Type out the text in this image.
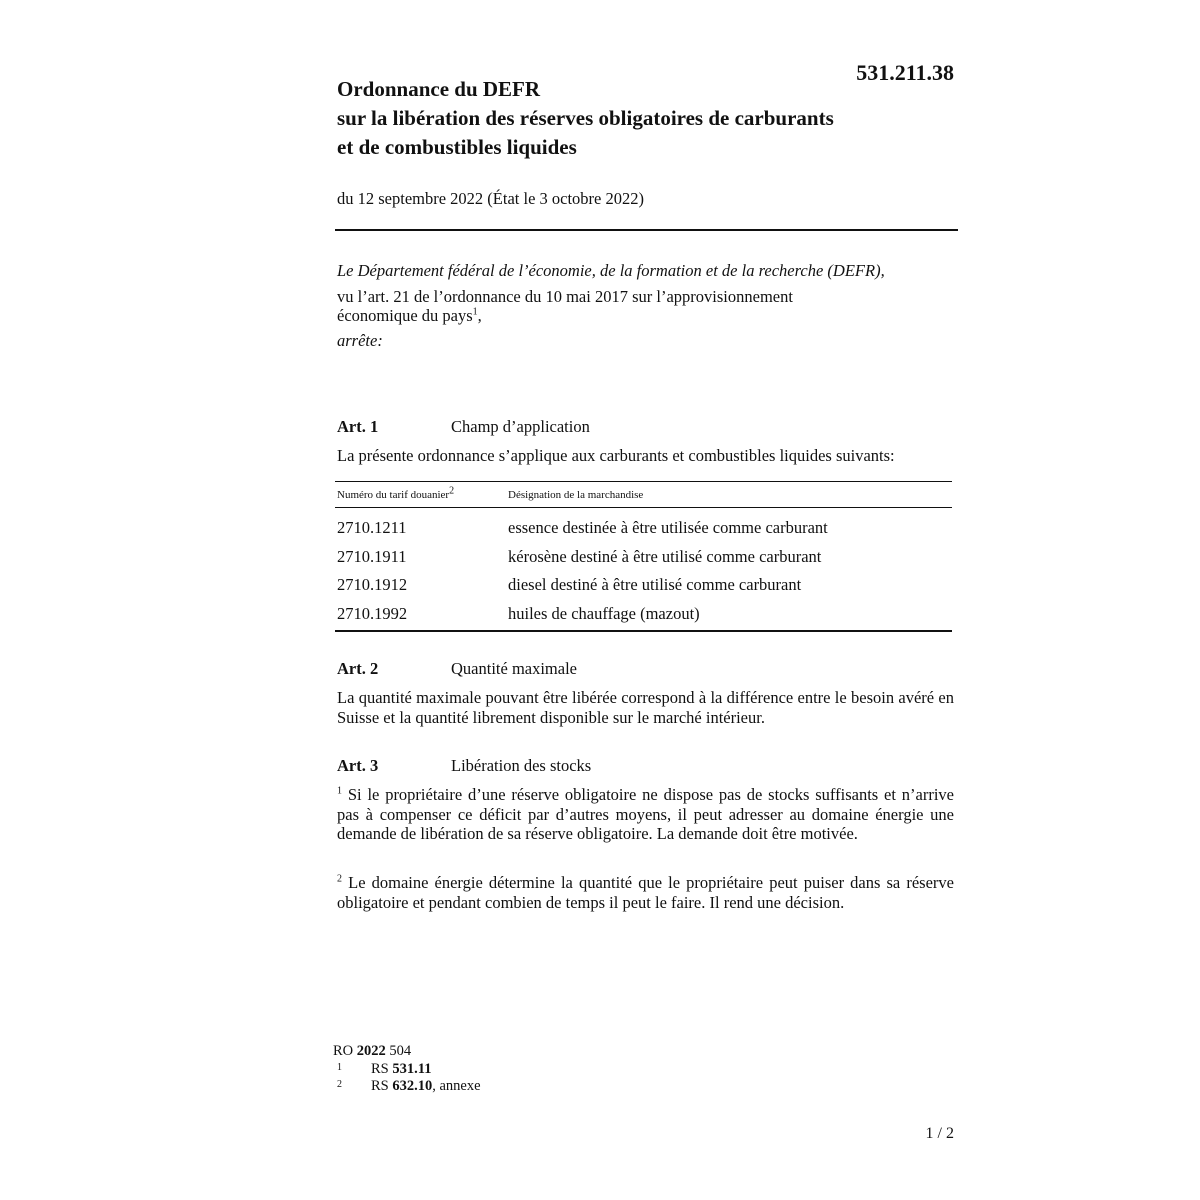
531.211.38
Ordonnance du DEFR
sur la libération des réserves obligatoires de carburants
et de combustibles liquides
du 12 septembre 2022 (État le 3 octobre 2022)
Le Département fédéral de l’économie, de la formation et de la recherche (DEFR),
vu l’art. 21 de l’ordonnance du 10 mai 2017 sur l’approvisionnement
économique du pays$^1$,
arrête:
Art. 1	Champ d’application
La présente ordonnance s’applique aux carburants et combustibles liquides suivants:
Numéro du tarif douanier$^2$	Désignation de la marchandise
2710.1211	essence destinée à être utilisée comme carburant
2710.1911	kérosène destiné à être utilisé comme carburant
2710.1912	diesel destiné à être utilisé comme carburant
2710.1992	huiles de chauffage (mazout)
Art. 2	Quantité maximale
La quantité maximale pouvant être libérée correspond à la différence entre le besoin avéré en Suisse et la quantité librement disponible sur le marché intérieur.
Art. 3	Libération des stocks
$^1$ Si le propriétaire d’une réserve obligatoire ne dispose pas de stocks suffisants et n’arrive pas à compenser ce déficit par d’autres moyens, il peut adresser au domaine énergie une demande de libération de sa réserve obligatoire. La demande doit être motivée.
$^2$ Le domaine énergie détermine la quantité que le propriétaire peut puiser dans sa réserve obligatoire et pendant combien de temps il peut le faire. Il rend une décision.
RO 2022 504
1	RS 531.11
2	RS 632.10, annexe
1 / 2
